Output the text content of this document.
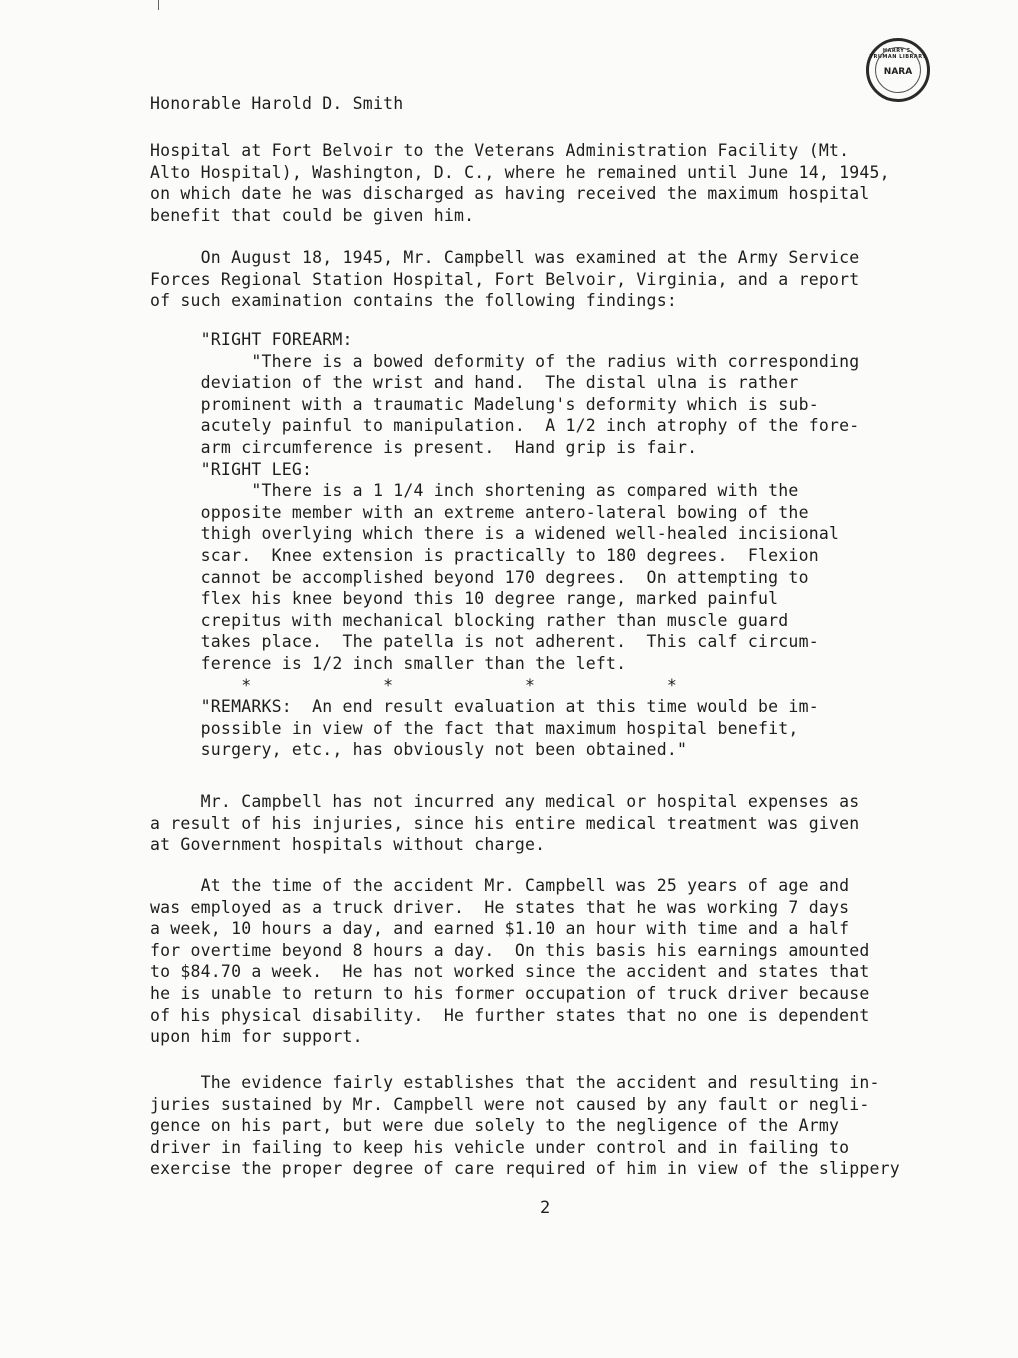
HARRY S. TRUMAN LIBRARY
NARA
Honorable Harold D. Smith
Hospital at Fort Belvoir to the Veterans Administration Facility (Mt.
Alto Hospital), Washington, D. C., where he remained until June 14, 1945,
on which date he was discharged as having received the maximum hospital
benefit that could be given him.
On August 18, 1945, Mr. Campbell was examined at the Army Service
Forces Regional Station Hospital, Fort Belvoir, Virginia, and a report
of such examination contains the following findings:
"RIGHT FOREARM:
"There is a bowed deformity of the radius with corresponding
deviation of the wrist and hand.  The distal ulna is rather
prominent with a traumatic Madelung's deformity which is sub-
acutely painful to manipulation.  A 1/2 inch atrophy of the fore-
arm circumference is present.  Hand grip is fair.
"RIGHT LEG:
"There is a 1 1/4 inch shortening as compared with the
opposite member with an extreme antero-lateral bowing of the
thigh overlying which there is a widened well-healed incisional
scar.  Knee extension is practically to 180 degrees.  Flexion
cannot be accomplished beyond 170 degrees.  On attempting to
flex his knee beyond this 10 degree range, marked painful
crepitus with mechanical blocking rather than muscle guard
takes place.  The patella is not adherent.  This calf circum-
ference is 1/2 inch smaller than the left.
*             *             *             *
"REMARKS:  An end result evaluation at this time would be im-
possible in view of the fact that maximum hospital benefit,
surgery, etc., has obviously not been obtained."
Mr. Campbell has not incurred any medical or hospital expenses as
a result of his injuries, since his entire medical treatment was given
at Government hospitals without charge.
At the time of the accident Mr. Campbell was 25 years of age and
was employed as a truck driver.  He states that he was working 7 days
a week, 10 hours a day, and earned $1.10 an hour with time and a half
for overtime beyond 8 hours a day.  On this basis his earnings amounted
to $84.70 a week.  He has not worked since the accident and states that
he is unable to return to his former occupation of truck driver because
of his physical disability.  He further states that no one is dependent
upon him for support.
The evidence fairly establishes that the accident and resulting in-
juries sustained by Mr. Campbell were not caused by any fault or negli-
gence on his part, but were due solely to the negligence of the Army
driver in failing to keep his vehicle under control and in failing to
exercise the proper degree of care required of him in view of the slippery
2
